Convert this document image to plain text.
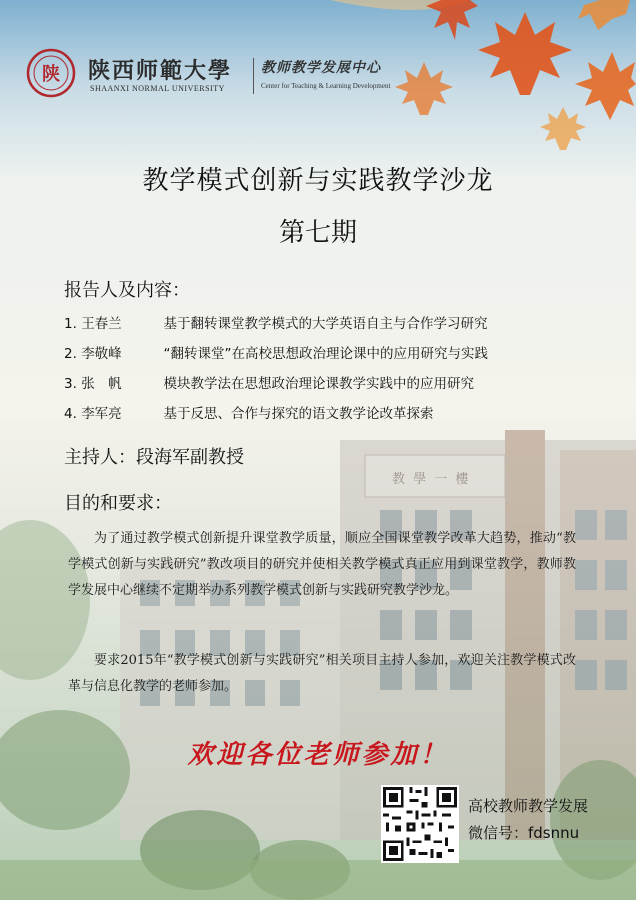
陕 陕西师範大學
SHAANXI NORMAL UNIVERSITY
教师教学发展中心
Center for Teaching & Learning Development
教 學 一 樓
教学模式创新与实践教学沙龙
第七期
报告人及内容：
1. 王春兰	基于翻转课堂教学模式的大学英语自主与合作学习研究
2. 李敬峰	“翻转课堂”在高校思想政治理论课中的应用研究与实践
3. 张　帆	模块教学法在思想政治理论课教学实践中的应用研究
4. 李军亮	基于反思、合作与探究的语文教学论改革探索
主持人：段海军副教授
目的和要求：
为了通过教学模式创新提升课堂教学质量，顺应全国课堂教学改革大趋势，推动“教学模式创新与实践研究”教改项目的研究并使相关教学模式真正应用到课堂教学，教师教学发展中心继续不定期举办系列教学模式创新与实践研究教学沙龙。
要求2015年“教学模式创新与实践研究”相关项目主持人参加，欢迎关注教学模式改革与信息化教学的老师参加。
欢迎各位老师参加！
高校教师教学发展
微信号：fdsnnu
